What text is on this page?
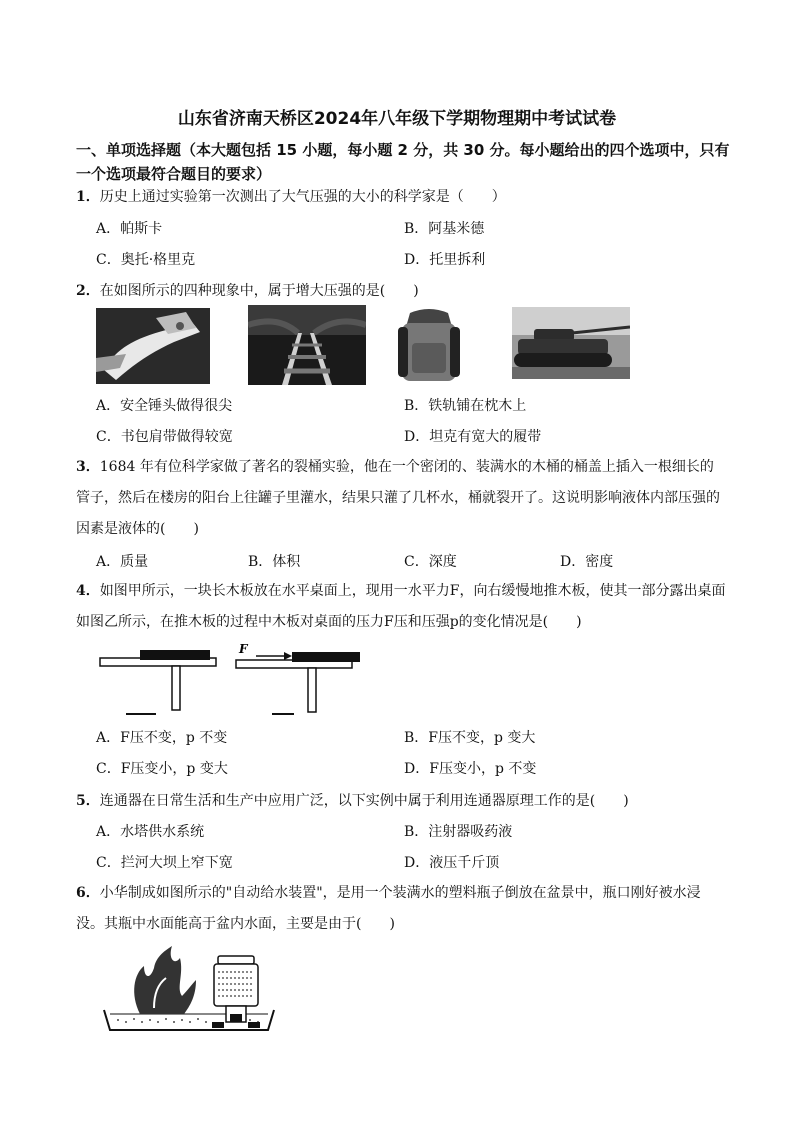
山东省济南天桥区2024年八年级下学期物理期中考试试卷
一、单项选择题（本大题包括 15 小题，每小题 2 分，共 30 分。每小题给出的四个选项中，只有一个选项最符合题目的要求）
1．历史上通过实验第一次测出了大气压强的大小的科学家是（　　）
A．帕斯卡	B．阿基米德
C．奥托·格里克	D．托里拆利
2．在如图所示的四种现象中，属于增大压强的是(　　)
A．安全锤头做得很尖	B．铁轨铺在枕木上
C．书包肩带做得较宽	D．坦克有宽大的履带
3．1684 年有位科学家做了著名的裂桶实验，他在一个密闭的、装满水的木桶的桶盖上插入一根细长的管子，然后在楼房的阳台上往罐子里灌水，结果只灌了几杯水，桶就裂开了。这说明影响液体内部压强的因素是液体的(　　)
A．质量	B．体积	C．深度	D．密度
4．如图甲所示，一块长木板放在水平桌面上，现用一水平力F，向右缓慢地推木板，使其一部分露出桌面如图乙所示，在推木板的过程中木板对桌面的压力F压和压强p的变化情况是(　　)
F
A．F压不变，p 不变	B．F压不变，p 变大
C．F压变小，p 变大	D．F压变小，p 不变
5．连通器在日常生活和生产中应用广泛，以下实例中属于利用连通器原理工作的是(　　)
A．水塔供水系统	B．注射器吸药液
C．拦河大坝上窄下宽	D．液压千斤顶
6．小华制成如图所示的"自动给水装置"，是用一个装满水的塑料瓶子倒放在盆景中，瓶口刚好被水浸没。其瓶中水面能高于盆内水面，主要是由于(　　)
